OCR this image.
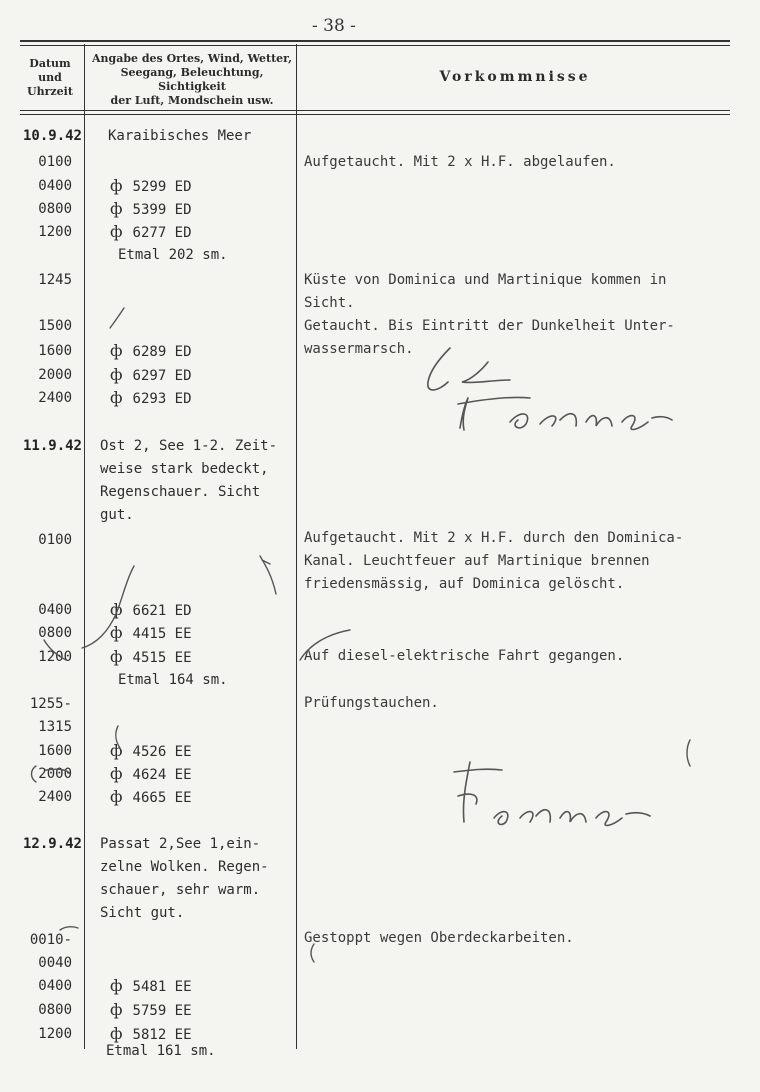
- 38 -
Datum
und
Uhrzeit
Angabe des Ortes, Wind, Wetter,
Seegang, Beleuchtung, Sichtigkeit
der Luft, Mondschein usw.
Vorkommnisse
10.9.42 Karaibisches Meer
0100	Aufgetaucht. Mit 2 x H.F. abgelaufen.
0400 ф 5299 ED
0800 ф 5399 ED
1200 ф 6277 ED
Etmal 202 sm.
1245	Küste von Dominica und Martinique kommen in
Sicht.
1500	Getaucht. Bis Eintritt der Dunkelheit Unter-
wassermarsch.
1600 ф 6289 ED
2000 ф 6297 ED
2400 ф 6293 ED
11.9.42 Ost 2, See 1-2. Zeit-
weise stark bedeckt,
Regenschauer. Sicht
gut.
0100	Aufgetaucht. Mit 2 x H.F. durch den Dominica-
Kanal. Leuchtfeuer auf Martinique brennen
friedensmässig, auf Dominica gelöscht.
0400 ф 6621 ED
0800 ф 4415 EE
1200 ф 4515 EE	Auf diesel-elektrische Fahrt gegangen.
Etmal 164 sm.
1255-	Prüfungstauchen.
1315
1600 ф 4526 EE
2000 ф 4624 EE
2400 ф 4665 EE
12.9.42 Passat 2,See 1,ein-
zelne Wolken. Regen-
schauer, sehr warm.
Sicht gut.
0010-	Gestoppt wegen Oberdeckarbeiten.
0040
0400 ф 5481 EE
0800 ф 5759 EE
1200 ф 5812 EE
Etmal 161 sm.
